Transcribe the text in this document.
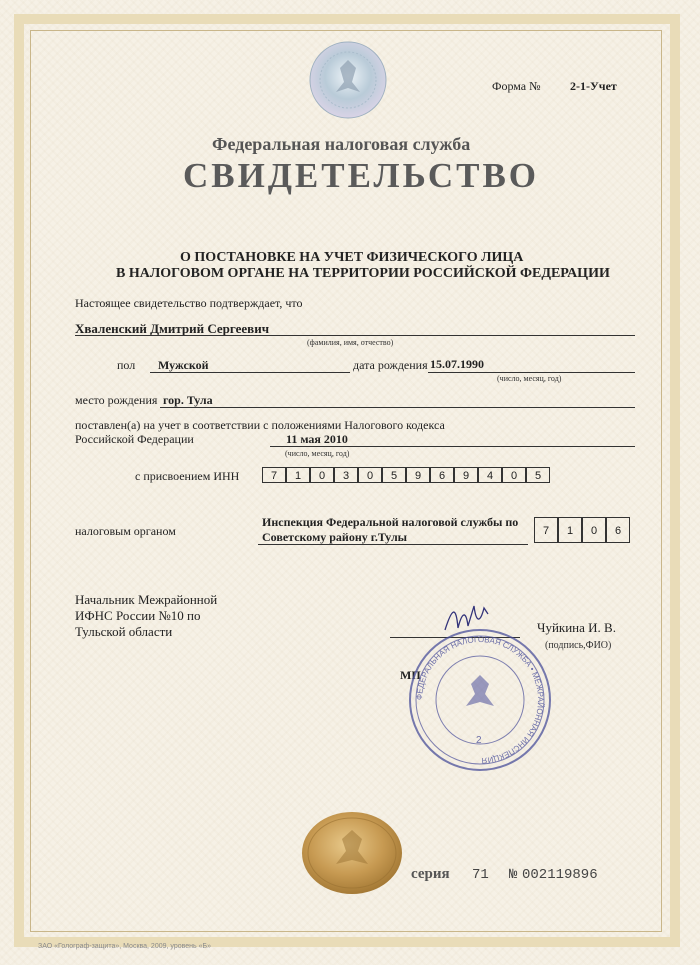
Форма № 2-1-Учет
Федеральная налоговая служба
СВИДЕТЕЛЬСТВО
О ПОСТАНОВКЕ НА УЧЕТ ФИЗИЧЕСКОГО ЛИЦА
В НАЛОГОВОМ ОРГАНЕ НА ТЕРРИТОРИИ РОССИЙСКОЙ ФЕДЕРАЦИИ
Настоящее свидетельство подтверждает, что
Хваленский Дмитрий Сергеевич
(фамилия, имя, отчество)
пол Мужской	дата рождения 15.07.1990
(число, месяц, год)
место рождения гор. Тула
поставлен(а) на учет в соответствии с положениями Налогового кодекса
Российской Федерации	11 мая 2010
(число, месяц, год)
с присвоением ИНН	7	1	0	3	0	5	9	6	9	4	0	5
налоговым органом
Инспекция Федеральной налоговой службы по
Советскому району г.Тулы	7	1	0	6
Начальник Межрайонной
ИФНС России №10 по
Тульской области	Чуйкина И. В.
(подпись,ФИО)
МП
ФЕДЕРАЛЬНАЯ НАЛОГОВАЯ СЛУЖБА • МЕЖРАЙОННАЯ ИНСПЕКЦИЯ
2
серия 71 № 002119896
ЗАО «Голограф-защита», Москва, 2009, уровень «Б»
